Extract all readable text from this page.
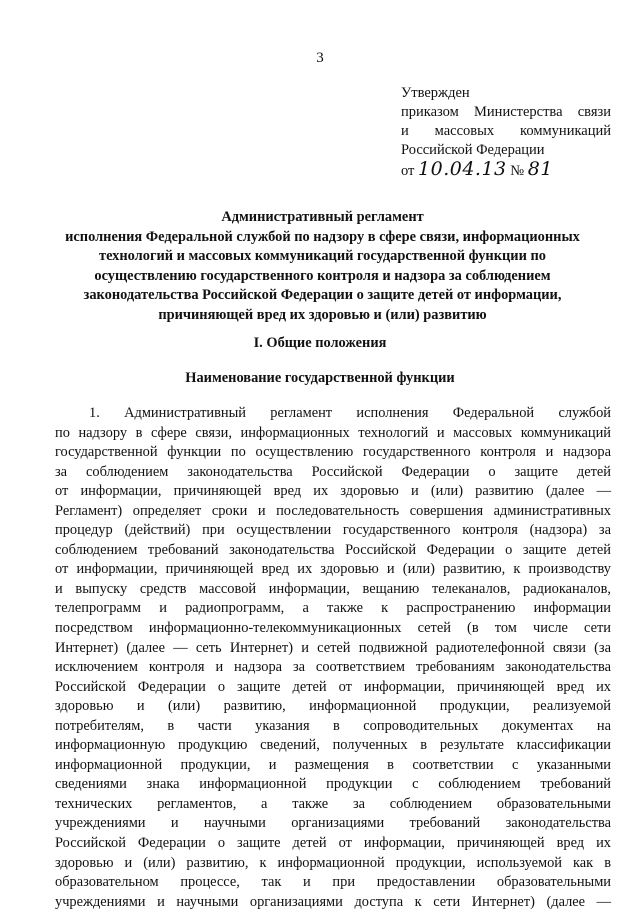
3
Утвержден
приказом Министерства связи
и массовых коммуникаций
Российской Федерации
от 10.04.13 № 81
Административный регламент
исполнения Федеральной службой по надзору в сфере связи, информационных
технологий и массовых коммуникаций государственной функции по
осуществлению государственного контроля и надзора за соблюдением
законодательства Российской Федерации о защите детей от информации,
причиняющей вред их здоровью и (или) развитию
I. Общие положения
Наименование государственной функции
1. Административный регламент исполнения Федеральной службой
по надзору в сфере связи, информационных технологий и массовых коммуникаций
государственной функции по осуществлению государственного контроля и надзора
за соблюдением законодательства Российской Федерации о защите детей
от информации, причиняющей вред их здоровью и (или) развитию (далее —
Регламент) определяет сроки и последовательность совершения административных
процедур (действий) при осуществлении государственного контроля (надзора) за
соблюдением требований законодательства Российской Федерации о защите детей
от информации, причиняющей вред их здоровью и (или) развитию, к производству
и выпуску средств массовой информации, вещанию телеканалов, радиоканалов,
телепрограмм и радиопрограмм, а также к распространению информации
посредством информационно-телекоммуникационных сетей (в том числе сети
Интернет) (далее — сеть Интернет) и сетей подвижной радиотелефонной связи (за
исключением контроля и надзора за соответствием требованиям законодательства
Российской Федерации о защите детей от информации, причиняющей вред их
здоровью и (или) развитию, информационной продукции, реализуемой
потребителям, в части указания в сопроводительных документах на
информационную продукцию сведений, полученных в результате классификации
информационной продукции, и размещения в соответствии с указанными
сведениями знака информационной продукции с соблюдением требований
технических регламентов, а также за соблюдением образовательными
учреждениями и научными организациями требований законодательства
Российской Федерации о защите детей от информации, причиняющей вред их
здоровью и (или) развитию, к информационной продукции, используемой как в
образовательном процессе, так и при предоставлении образовательными
учреждениями и научными организациями доступа к сети Интернет) (далее —
